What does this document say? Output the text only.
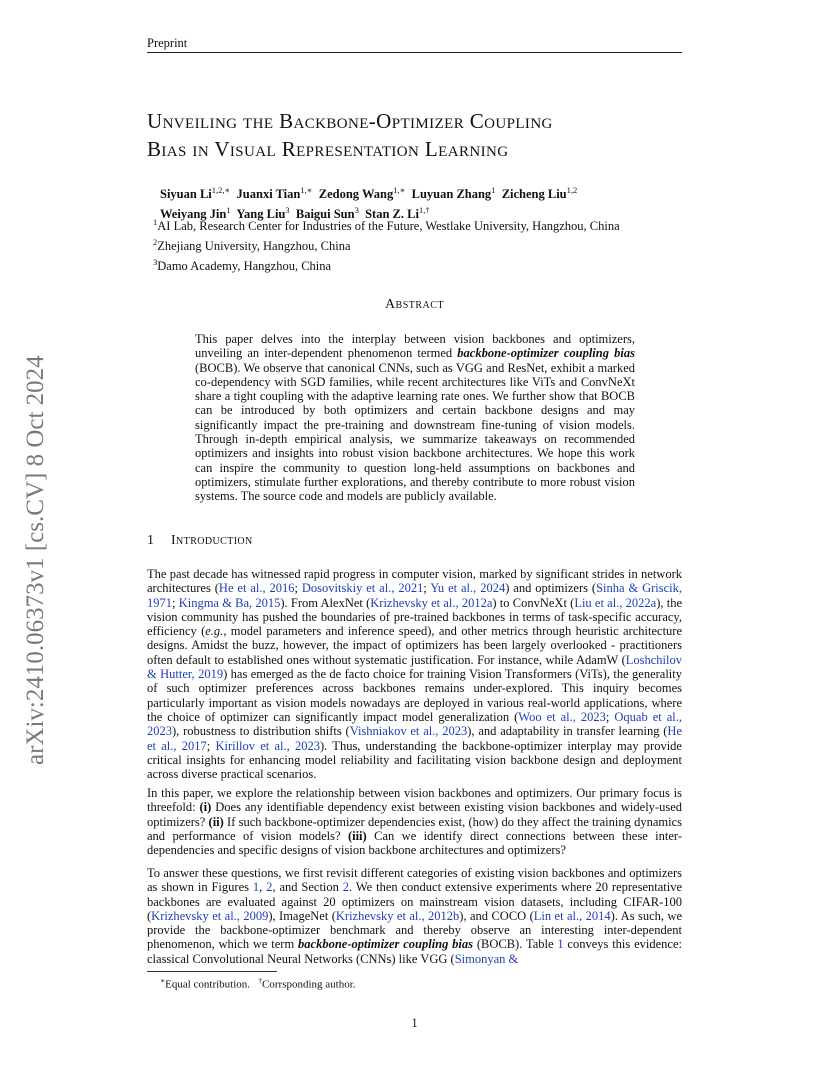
Preprint
Unveiling the Backbone-Optimizer Coupling
Bias in Visual Representation Learning
Siyuan $Li^{1,2,∗}$ Juanxi Tian$^{1,∗}$ Zedong Wang$^{1,∗}$ Luyuan Zhang$^1$ Zicheng Liu$^{1,2}$
Weiyang Jin$^1$ Yang Liu$^3$ Baigui Sun$^3$ Stan Z. $Li^{1,\dagger}$
$^1$AI Lab, Research Center for Industries of the Future, Westlake University, Hangzhou, China
$^2$Zhejiang University, Hangzhou, China
$^3$Damo Academy, Hangzhou, China
arXiv:2410.06373v1 [cs.CV] 8 Oct 2024
Abstract
This paper delves into the interplay between vision backbones and optimizers, unveiling an inter-dependent phenomenon termed backbone-optimizer coupling bias (BOCB). We observe that canonical CNNs, such as VGG and ResNet, exhibit a marked co-dependency with SGD families, while recent architectures like ViTs and ConvNeXt share a tight coupling with the adaptive learning rate ones. We further show that BOCB can be introduced by both optimizers and certain backbone designs and may significantly impact the pre-training and downstream fine-tuning of vision models. Through in-depth empirical analysis, we summarize takeaways on recommended optimizers and insights into robust vision backbone architectures. We hope this work can inspire the community to question long-held assumptions on backbones and optimizers, stimulate further explorations, and thereby contribute to more robust vision systems. The source code and models are publicly available.
1 Introduction
The past decade has witnessed rapid progress in computer vision, marked by significant strides in network architectures (He et al., 2016; Dosovitskiy et al., 2021; Yu et al., 2024) and optimizers (Sinha & Griscik, 1971; Kingma & Ba, 2015). From AlexNet (Krizhevsky et al., 2012a) to ConvNeXt (Liu et al., 2022a), the vision community has pushed the boundaries of pre-trained backbones in terms of task-specific accuracy, efficiency (e.g., model parameters and inference speed), and other metrics through heuristic architecture designs. Amidst the buzz, however, the impact of optimizers has been largely overlooked - practitioners often default to established ones without systematic justification. For instance, while AdamW (Loshchilov & Hutter, 2019) has emerged as the de facto choice for training Vision Transformers (ViTs), the generality of such optimizer preferences across backbones remains under-explored. This inquiry becomes particularly important as vision models nowadays are deployed in various real-world applications, where the choice of optimizer can significantly impact model generalization (Woo et al., 2023; Oquab et al., 2023), robustness to distribution shifts (Vishniakov et al., 2023), and adaptability in transfer learning (He et al., 2017; Kirillov et al., 2023). Thus, understanding the backbone-optimizer interplay may provide critical insights for enhancing model reliability and facilitating vision backbone design and deployment across diverse practical scenarios.
In this paper, we explore the relationship between vision backbones and optimizers. Our primary focus is threefold: (i) Does any identifiable dependency exist between existing vision backbones and widely-used optimizers? (ii) If such backbone-optimizer dependencies exist, (how) do they affect the training dynamics and performance of vision models? (iii) Can we identify direct connections between these inter-dependencies and specific designs of vision backbone architectures and optimizers?
To answer these questions, we first revisit different categories of existing vision backbones and optimizers as shown in Figures 1, 2, and Section 2. We then conduct extensive experiments where 20 representative backbones are evaluated against 20 optimizers on mainstream vision datasets, including CIFAR-100 (Krizhevsky et al., 2009), ImageNet (Krizhevsky et al., 2012b), and COCO (Lin et al., 2014). As such, we provide the backbone-optimizer benchmark and thereby observe an interesting inter-dependent phenomenon, which we term backbone-optimizer coupling bias (BOCB). Table 1 conveys this evidence: classical Convolutional Neural Networks (CNNs) like VGG (Simonyan &
∗Equal contribution. †Corrsponding author.
1
